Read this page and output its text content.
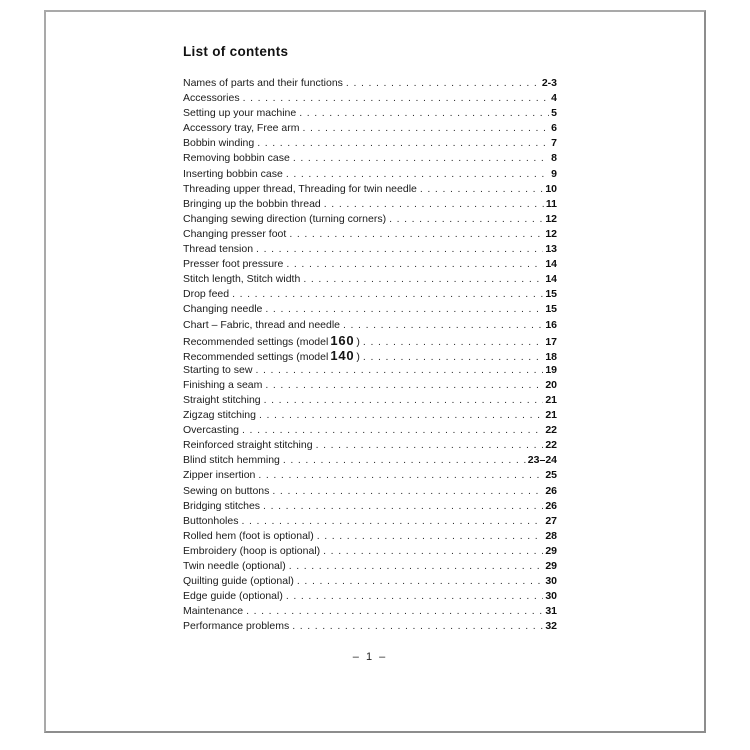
List of contents
Names of parts and their functions .....	2-3
Accessories .....	4
Setting up your machine .....	5
Accessory tray, Free arm .....	6
Bobbin winding .....	7
Removing bobbin case .....	8
Inserting bobbin case .....	9
Threading upper thread, Threading for twin needle .....	10
Bringing up the bobbin thread .....	11
Changing sewing direction (turning corners) .....	12
Changing presser foot .....	12
Thread tension .....	13
Presser foot pressure .....	14
Stitch length, Stitch width .....	14
Drop feed .....	15
Changing needle .....	15
Chart – Fabric, thread and needle .....	16
Recommended settings (model 160 ) .....	17
Recommended settings (model 140 ) .....	18
Starting to sew .....	19
Finishing a seam .....	20
Straight stitching .....	21
Zigzag stitching .....	21
Overcasting .....	22
Reinforced straight stitching .....	22
Blind stitch hemming .....	23–24
Zipper insertion .....	25
Sewing on buttons .....	26
Bridging stitches .....	26
Buttonholes .....	27
Rolled hem (foot is optional) .....	28
Embroidery (hoop is optional) .....	29
Twin needle (optional) .....	29
Quilting guide (optional) .....	30
Edge guide (optional) .....	30
Maintenance .....	31
Performance problems .....	32
– 1 –
